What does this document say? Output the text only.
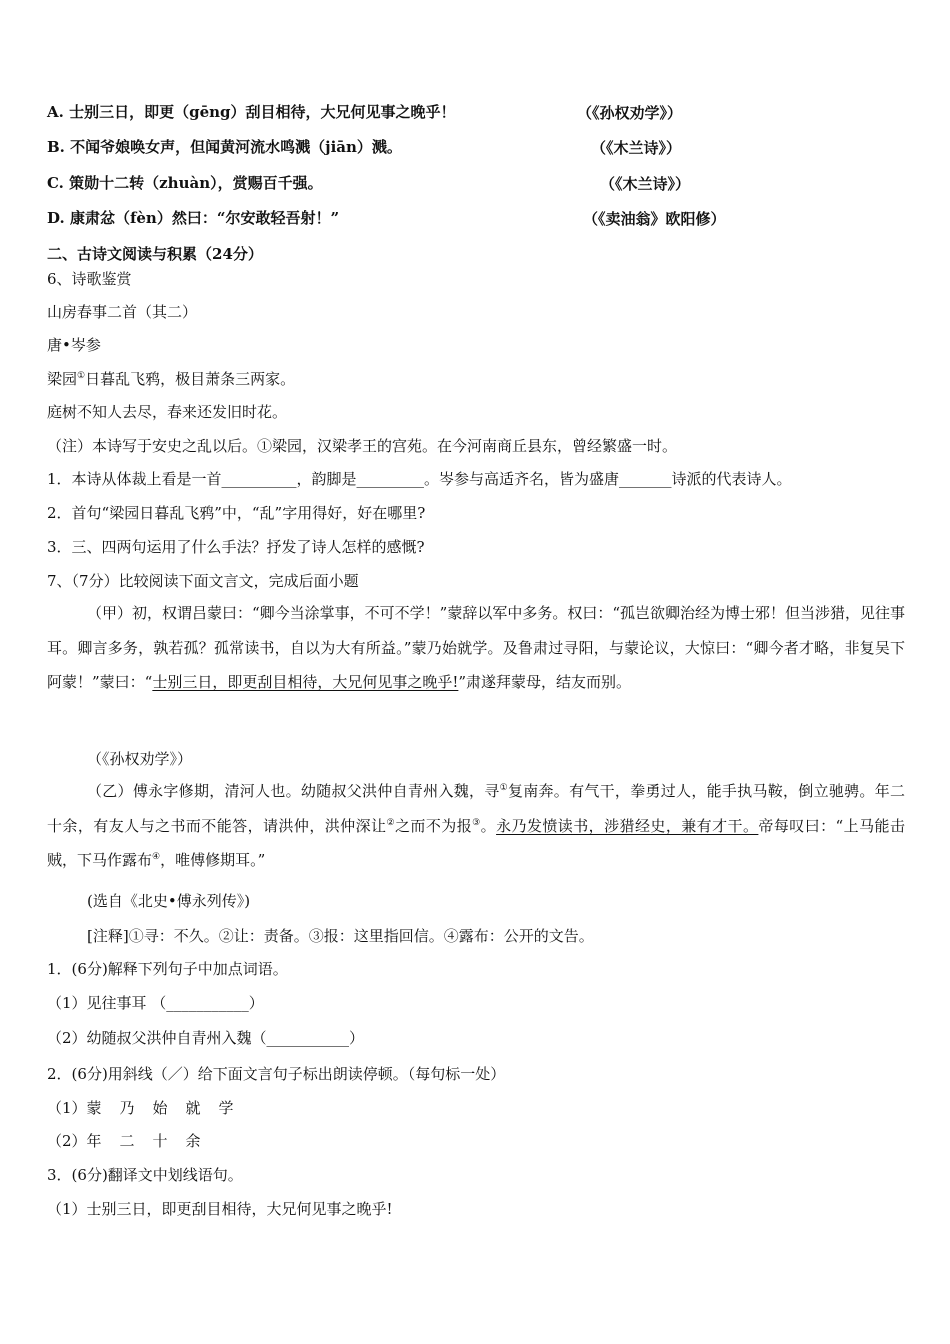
A. 士别三日，即更（gēng）刮目相待，大兄何见事之晚乎！	（《孙权劝学》）
B. 不闻爷娘唤女声，但闻黄河流水鸣溅（jiān）溅。	（《木兰诗》）
C. 策勋十二转（zhuàn），赏赐百千强。	（《木兰诗》）
D. 康肃忿（fèn）然曰：“尔安敢轻吾射！”	（《卖油翁》欧阳修）
二、古诗文阅读与积累（24分）
6、诗歌鉴赏
山房春事二首（其二）
唐•岑参
梁园①日暮乱飞鸦，极目萧条三两家。
庭树不知人去尽，春来还发旧时花。
（注）本诗写于安史之乱以后。①梁园，汉梁孝王的宫苑。在今河南商丘县东，曾经繁盛一时。
1．本诗从体裁上看是一首__________，韵脚是_________。岑参与高适齐名，皆为盛唐_______诗派的代表诗人。
2．首句“梁园日暮乱飞鸦”中，“乱”字用得好，好在哪里?
3．三、四两句运用了什么手法？抒发了诗人怎样的感慨?
7、（7分）比较阅读下面文言文，完成后面小题

（甲）初，权谓吕蒙曰：“卿今当涂掌事，不可不学！”蒙辞以军中多务。权曰：“孤岂欲卿治经为博士邪！但当涉猎，见往事耳。卿言多务，孰若孤？孤常读书，自以为大有所益。”蒙乃始就学。及鲁肃过寻阳，与蒙论议，大惊曰：“卿今者才略，非复吴下阿蒙！”蒙曰：“士别三日，即更刮目相待，大兄何见事之晚乎!”肃遂拜蒙母，结友而别。

（《孙权劝学》）

（乙）傅永字修期，清河人也。幼随叔父洪仲自青州入魏，寻①复南奔。有气干，拳勇过人，能手执马鞍，倒立驰骋。年二十余，有友人与之书而不能答，请洪仲，洪仲深让②之而不为报③。永乃发愤读书，涉猎经史，兼有才干。帝每叹曰：“上马能击贼，下马作露布④，唯傅修期耳。”

(选自《北史•傅永列传》)
[注释]①寻：不久。②让：责备。③报：这里指回信。④露布：公开的文告。
1．(6分)解释下列句子中加点词语。
（1）见往事耳 （___________）
（2）幼随叔父洪仲自青州入魏（___________）
2．(6分)用斜线（／）给下面文言句子标出朗读停顿。（每句标一处）
（1）蒙乃始就学
（2）年二十余
3．(6分)翻译文中划线语句。
（1）士别三日，即更刮目相待，大兄何见事之晚乎!
